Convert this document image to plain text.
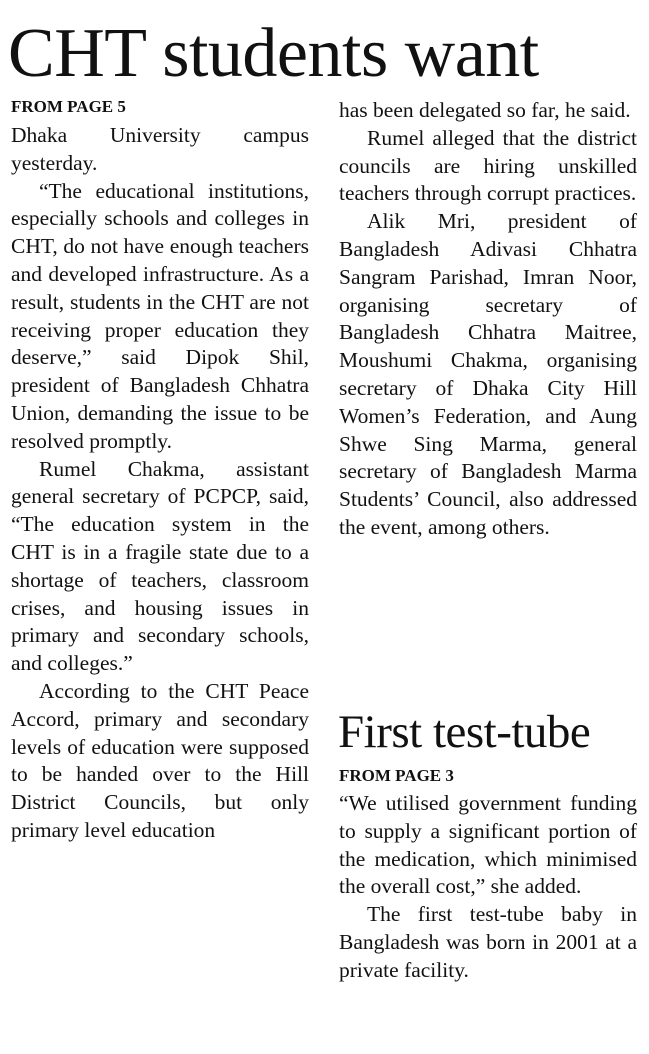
CHT students want
FROM PAGE 5

Dhaka University campus yesterday.

“The educational institutions, especially schools and colleges in CHT, do not have enough teachers and developed infrastructure. As a result, students in the CHT are not receiving proper education they deserve,” said Dipok Shil, president of Bangladesh Chhatra Union, demanding the issue to be resolved promptly.

Rumel Chakma, assistant general secretary of PCPCP, said, “The education system in the CHT is in a fragile state due to a shortage of teachers, classroom crises, and housing issues in primary and secondary schools, and colleges.”

According to the CHT Peace Accord, primary and secondary levels of education were supposed to be handed over to the Hill District Councils, but only primary level education

has been delegated so far, he said.

Rumel alleged that the district councils are hiring unskilled teachers through corrupt practices.

Alik Mri, president of Bangladesh Adivasi Chhatra Sangram Parishad, Imran Noor, organising secretary of Bangladesh Chhatra Maitree, Moushumi Chakma, organising secretary of Dhaka City Hill Women’s Federation, and Aung Shwe Sing Marma, general secretary of Bangladesh Marma Students’ Council, also addressed the event, among others.

First test-tube
FROM PAGE 3

“We utilised government funding to supply a significant portion of the medication, which minimised the overall cost,” she added.

The first test-tube baby in Bangladesh was born in 2001 at a private facility.
